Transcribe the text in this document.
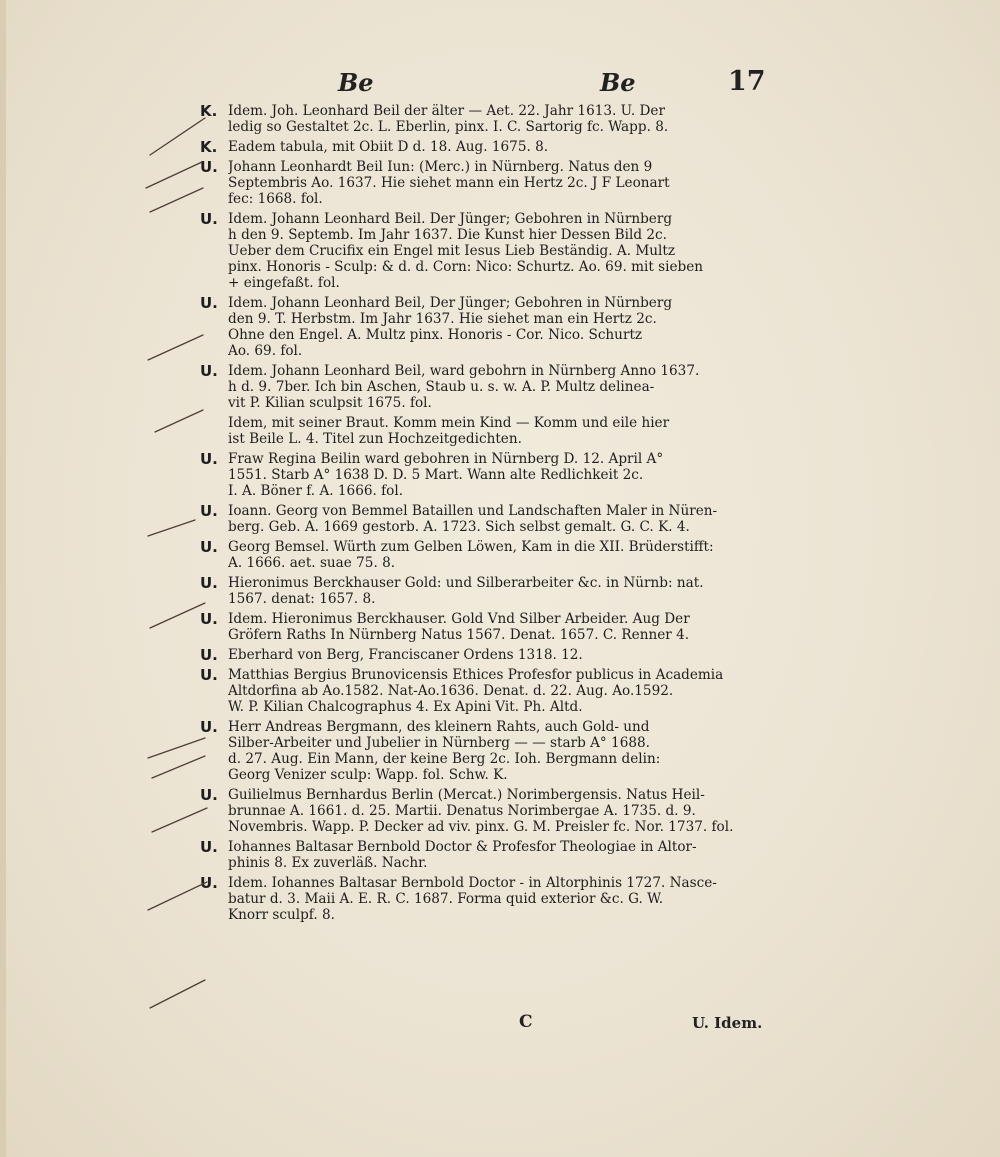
Be	Be	17
K. Idem. Joh. Leonhard Beil der älter — Aet. 22. Jahr 1613. U. Der
ledig so Gestaltet 2c. L. Eberlin, pinx. I. C. Sartorig fc. Wapp. 8.
K. Eadem tabula, mit Obiit D d. 18. Aug. 1675. 8.
U. Johann Leonhardt Beil Iun: (Merc.) in Nürnberg. Natus den 9
Septembris Ao. 1637. Hie siehet mann ein Hertz 2c. J F Leonart
fec: 1668. fol.
U. Idem. Johann Leonhard Beil. Der Jünger; Gebohren in Nürnberg
h den 9. Septemb. Im Jahr 1637. Die Kunst hier Dessen Bild 2c.
Ueber dem Crucifix ein Engel mit Iesus Lieb Beständig. A. Multz
pinx. Honoris - Sculp: & d. d. Corn: Nico: Schurtz. Ao. 69. mit sieben
+ eingefaßt. fol.
U. Idem. Johann Leonhard Beil, Der Jünger; Gebohren in Nürnberg
den 9. T. Herbstm. Im Jahr 1637. Hie siehet man ein Hertz 2c.
Ohne den Engel. A. Multz pinx. Honoris - Cor. Nico. Schurtz
Ao. 69. fol.
U. Idem. Johann Leonhard Beil, ward gebohrn in Nürnberg Anno 1637.
h d. 9. 7ber. Ich bin Aschen, Staub u. s. w. A. P. Multz delinea-
vit P. Kilian sculpsit 1675. fol.
Idem, mit seiner Braut. Komm mein Kind — Komm und eile hier
ist Beile L. 4. Titel zun Hochzeitgedichten.
U. Fraw Regina Beilin ward gebohren in Nürnberg D. 12. April A°
1551. Starb A° 1638 D. D. 5 Mart. Wann alte Redlichkeit 2c.
I. A. Böner f. A. 1666. fol.
U. Ioann. Georg von Bemmel Bataillen und Landschaften Maler in Nüren-
berg. Geb. A. 1669 gestorb. A. 1723. Sich selbst gemalt. G. C. K. 4.
U. Georg Bemsel. Würth zum Gelben Löwen, Kam in die XII. Brüderstifft:
A. 1666. aet. suae 75. 8.
U. Hieronimus Berckhauser Gold: und Silberarbeiter &c. in Nürnb: nat.
1567. denat: 1657. 8.
U. Idem. Hieronimus Berckhauser. Gold Vnd Silber Arbeider. Aug Der
Gröfern Raths In Nürnberg Natus 1567. Denat. 1657. C. Renner 4.
U. Eberhard von Berg, Franciscaner Ordens 1318. 12.
U. Matthias Bergius Brunovicensis Ethices Profesfor publicus in Academia
Altdorfina ab Ao.1582. Nat-Ao.1636. Denat. d. 22. Aug. Ao.1592.
W. P. Kilian Chalcographus 4. Ex Apini Vit. Ph. Altd.
U. Herr Andreas Bergmann, des kleinern Rahts, auch Gold- und
Silber-Arbeiter und Jubelier in Nürnberg — — starb A° 1688.
d. 27. Aug. Ein Mann, der keine Berg 2c. Ioh. Bergmann delin:
Georg Venizer sculp: Wapp. fol. Schw. K.
U. Guilielmus Bernhardus Berlin (Mercat.) Norimbergensis. Natus Heil-
brunnae A. 1661. d. 25. Martii. Denatus Norimbergae A. 1735. d. 9.
Novembris. Wapp. P. Decker ad viv. pinx. G. M. Preisler fc. Nor. 1737. fol.
U. Iohannes Baltasar Bernbold Doctor & Profesfor Theologiae in Altor-
phinis 8. Ex zuverläß. Nachr.
U. Idem. Iohannes Baltasar Bernbold Doctor - in Altorphinis 1727. Nasce-
batur d. 3. Maii A. E. R. C. 1687. Forma quid exterior &c. G. W.
Knorr sculpf. 8.
C	U. Idem.
